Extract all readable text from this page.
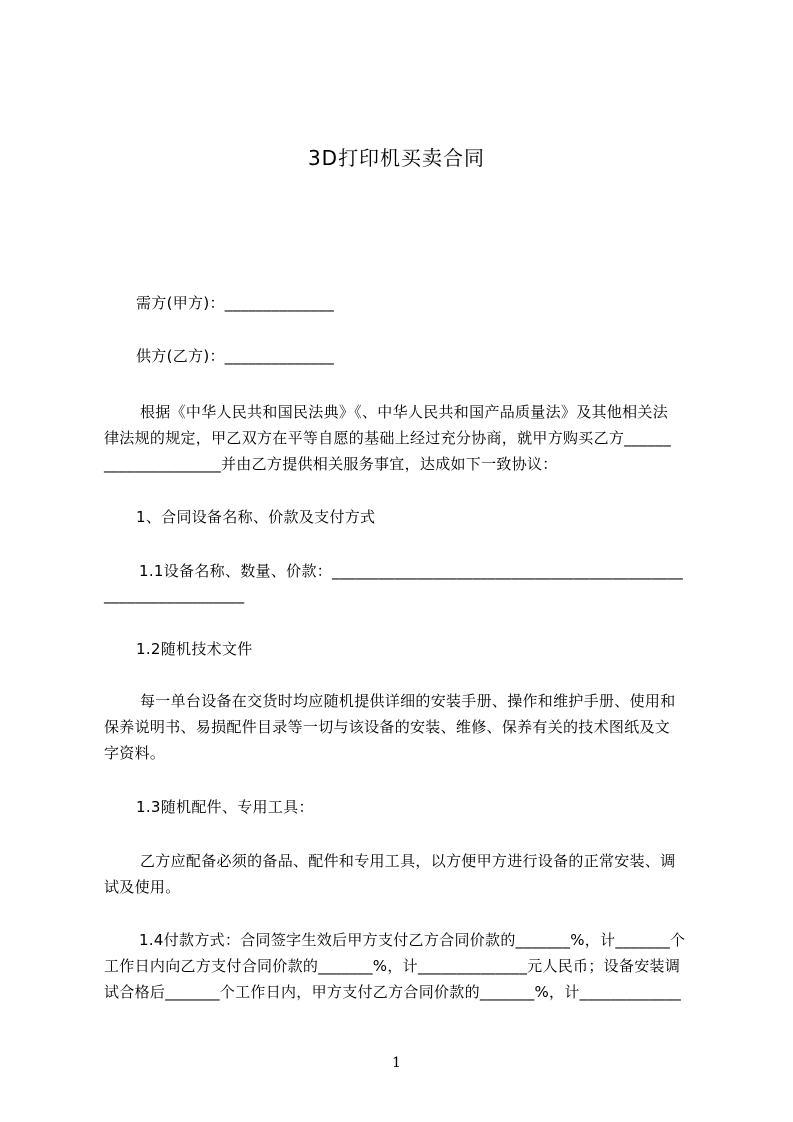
3D打印机买卖合同
需方(甲方)：______________
供方(乙方)：______________
根据《中华人民共和国民法典》《、中华人民共和国产品质量法》及其他相关法
律法规的规定，甲乙双方在平等自愿的基础上经过充分协商，就甲方购买乙方______
_______________并由乙方提供相关服务事宜，达成如下一致协议：
1、合同设备名称、价款及支付方式
1.1设备名称、数量、价款：_____________________________________________
__________________
1.2随机技术文件
每一单台设备在交货时均应随机提供详细的安装手册、操作和维护手册、使用和
保养说明书、易损配件目录等一切与该设备的安装、维修、保养有关的技术图纸及文
字资料。
1.3随机配件、专用工具：
乙方应配备必须的备品、配件和专用工具，以方便甲方进行设备的正常安装、调
试及使用。
1.4付款方式：合同签字生效后甲方支付乙方合同价款的_______%，计_______个
工作日内向乙方支付合同价款的_______%，计______________元人民币；设备安装调
试合格后_______个工作日内，甲方支付乙方合同价款的_______%，计_____________
1
